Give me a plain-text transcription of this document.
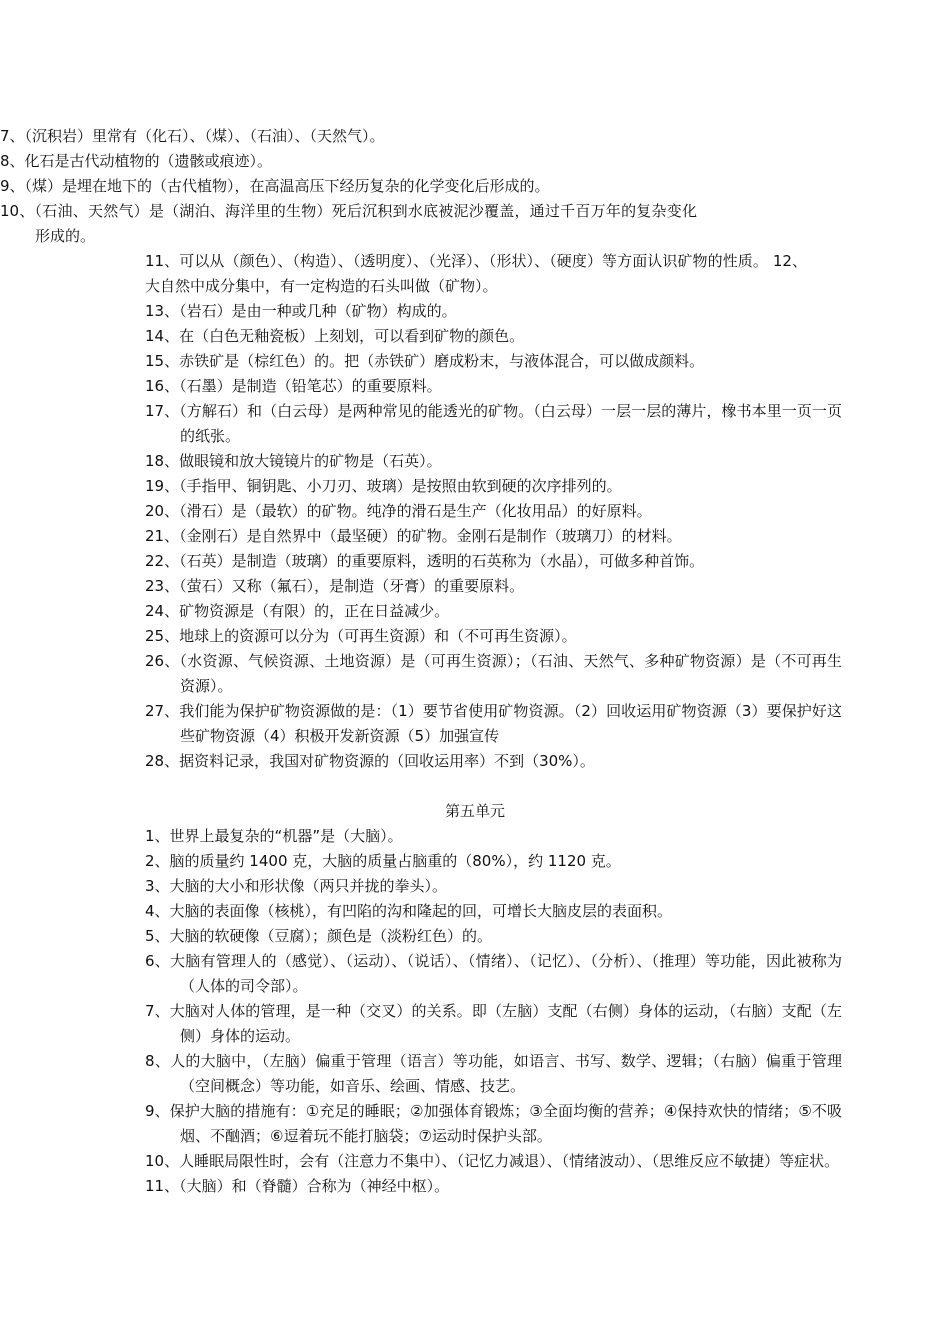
7、（沉积岩）里常有（化石）、（煤）、（石油）、（天然气）。

8、化石是古代动植物的（遗骸或痕迹）。

9、（煤）是埋在地下的（古代植物），在高温高压下经历复杂的化学变化后形成的。

10、（石油、天然气）是（湖泊、海洋里的生物）死后沉积到水底被泥沙覆盖，通过千百万年的复杂变化形成的。

11、可以从（颜色）、（构造）、（透明度）、（光泽）、（形状）、（硬度）等方面认识矿物的性质。 12、大自然中成分集中，有一定构造的石头叫做（矿物）。

13、（岩石）是由一种或几种（矿物）构成的。

14、在（白色无釉瓷板）上刻划，可以看到矿物的颜色。

15、赤铁矿是（棕红色）的。把（赤铁矿）磨成粉末，与液体混合，可以做成颜料。

16、（石墨）是制造（铅笔芯）的重要原料。

17、（方解石）和（白云母）是两种常见的能透光的矿物。（白云母）一层一层的薄片，橡书本里一页一页的纸张。

18、做眼镜和放大镜镜片的矿物是（石英）。

19、（手指甲、铜钥匙、小刀刃、玻璃）是按照由软到硬的次序排列的。

20、（滑石）是（最软）的矿物。纯净的滑石是生产（化妆用品）的好原料。

21、（金刚石）是自然界中（最坚硬）的矿物。金刚石是制作（玻璃刀）的材料。

22、（石英）是制造（玻璃）的重要原料，透明的石英称为（水晶），可做多种首饰。

23、（萤石）又称（氟石），是制造（牙膏）的重要原料。

24、矿物资源是（有限）的，正在日益减少。

25、地球上的资源可以分为（可再生资源）和（不可再生资源）。

26、（水资源、气候资源、土地资源）是（可再生资源）；（石油、天然气、多种矿物资源）是（不可再生资源）。

27、我们能为保护矿物资源做的是：（1）要节省使用矿物资源。（2）回收运用矿物资源（3）要保护好这些矿物资源（4）积极开发新资源（5）加强宣传

28、据资料记录，我国对矿物资源的（回收运用率）不到（30%）。

第五单元

1、世界上最复杂的“机器”是（大脑）。

2、脑的质量约 1400 克，大脑的质量占脑重的（80%），约 1120 克。

3、大脑的大小和形状像（两只并拢的拳头）。

4、大脑的表面像（核桃），有凹陷的沟和隆起的回，可增长大脑皮层的表面积。

5、大脑的软硬像（豆腐）；颜色是（淡粉红色）的。

6、大脑有管理人的（感觉）、（运动）、（说话）、（情绪）、（记忆）、（分析）、（推理）等功能，因此被称为（人体的司令部）。

7、大脑对人体的管理，是一种（交叉）的关系。即（左脑）支配（右侧）身体的运动，（右脑）支配（左侧）身体的运动。

8、人的大脑中，（左脑）偏重于管理（语言）等功能，如语言、书写、数学、逻辑；（右脑）偏重于管理（空间概念）等功能，如音乐、绘画、情感、技艺。

9、保护大脑的措施有：①充足的睡眠；②加强体育锻炼；③全面均衡的营养；④保持欢快的情绪；⑤不吸烟、不酗酒；⑥逗着玩不能打脑袋；⑦运动时保护头部。

10、人睡眠局限性时，会有（注意力不集中）、（记忆力减退）、（情绪波动）、（思维反应不敏捷）等症状。

11、（大脑）和（脊髓）合称为（神经中枢）。
